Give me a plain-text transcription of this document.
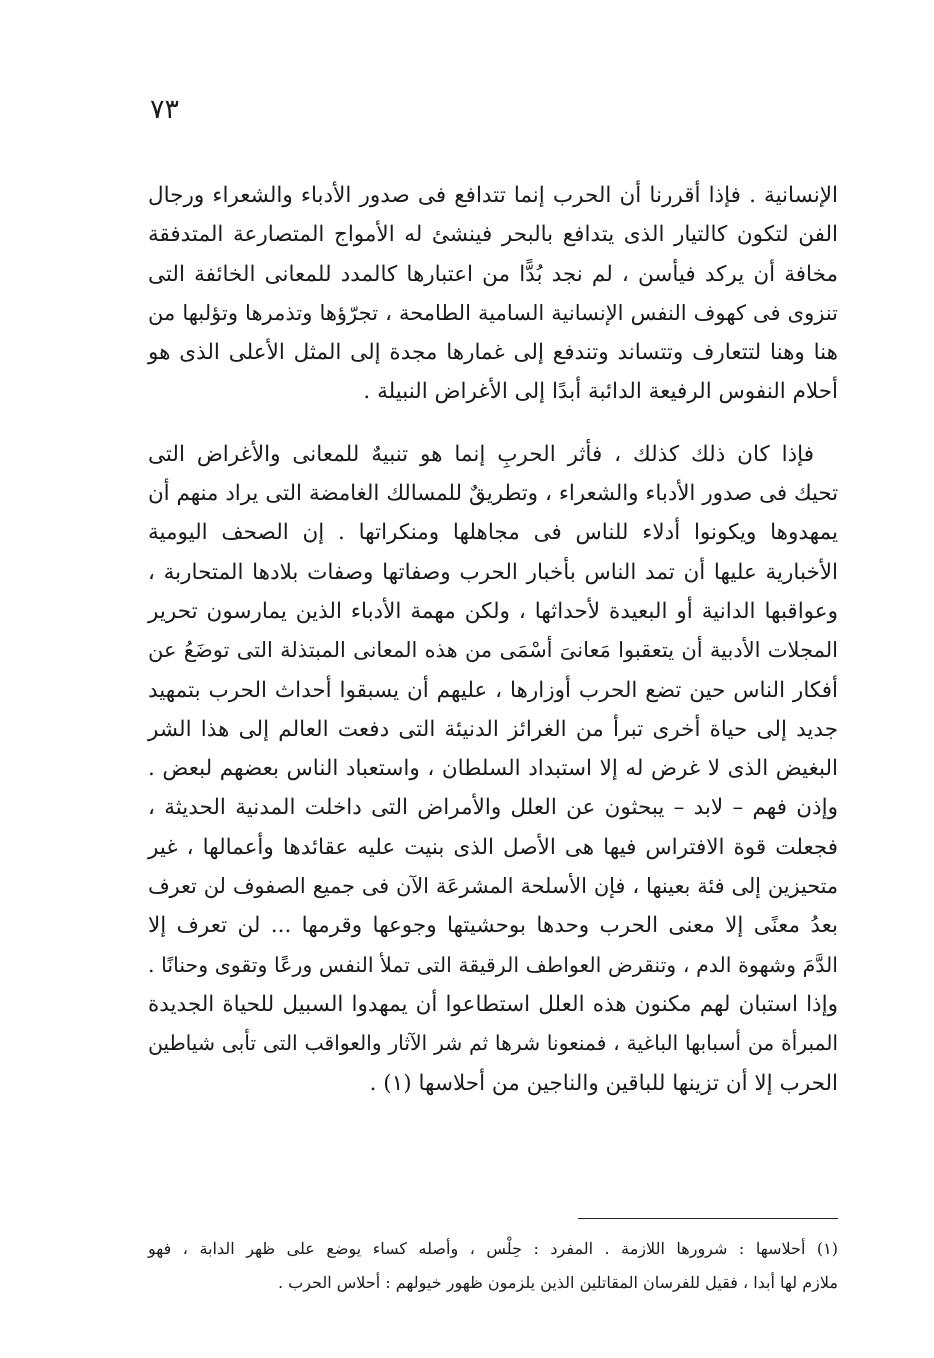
٧٣

الإنسانية . فإذا أقررنا أن الحرب إنما تتدافع فى صدور الأدباء والشعراء ورجال
الفن لتكون كالتيار الذى يتدافع بالبحر فينشئ له الأمواج المتصارعة المتدفقة
مخافة أن يركد فيأسن ، لم نجد بُدًّا من اعتبارها كالمدد للمعانى الخائفة التى
تنزوى فى كهوف النفس الإنسانية السامية الطامحة ، تجرّؤها وتذمرها وتؤلبها من
هنا وهنا لتتعارف وتتساند وتندفع إلى غمارها مجدة إلى المثل الأعلى الذى هو
أحلام النفوس الرفيعة الدائبة أبدًا إلى الأغراض النبيلة .

فإذا كان ذلك كذلك ، فأثر الحربِ إنما هو تنبيهٌ للمعانى والأغراض التى
تحيك فى صدور الأدباء والشعراء ، وتطريقٌ للمسالك الغامضة التى يراد منهم أن
يمهدوها ويكونوا أدلاء للناس فى مجاهلها ومنكراتها . إن الصحف اليومية
الأخبارية عليها أن تمد الناس بأخبار الحرب وصفاتها وصفات بلادها المتحاربة ،
وعواقبها الدانية أو البعيدة لأحداثها ، ولكن مهمة الأدباء الذين يمارسون تحرير
المجلات الأدبية أن يتعقبوا مَعانىَ أسْمَى من هذه المعانى المبتذلة التى توضَعُ عن
أفكار الناس حين تضع الحرب أوزارها ، عليهم أن يسبقوا أحداث الحرب بتمهيد
جديد إلى حياة أخرى تبرأ من الغرائز الدنيئة التى دفعت العالم إلى هذا الشر
البغيض الذى لا غرض له إلا استبداد السلطان ، واستعباد الناس بعضهم لبعض .
وإذن فهم – لابد – يبحثون عن العلل والأمراض التى داخلت المدنية الحديثة ،
فجعلت قوة الافتراس فيها هى الأصل الذى بنيت عليه عقائدها وأعمالها ، غير
متحيزين إلى فئة بعينها ، فإن الأسلحة المشرعَة الآن فى جميع الصفوف لن تعرف
بعدُ معنًى إلا معنى الحرب وحدها بوحشيتها وجوعها وقرمها ... لن تعرف إلا
الدَّمَ وشهوة الدم ، وتنقرض العواطف الرقيقة التى تملأ النفس ورعًا وتقوى وحنانًا .
وإذا استبان لهم مكنون هذه العلل استطاعوا أن يمهدوا السبيل للحياة الجديدة
المبرأة من أسبابها الباغية ، فمنعونا شرها ثم شر الآثار والعواقب التى تأبى شياطين
الحرب إلا أن تزينها للباقين والناجين من أحلاسها (١) .

(١) أحلاسها : شرورها اللازمة . المفرد : حِلْس ، وأصله كساء يوضع على ظهر الدابة ، فهو
ملازم لها أبدا ، فقيل للفرسان المقاتلين الذين يلزمون ظهور خيولهم : أحلاس الحرب .
